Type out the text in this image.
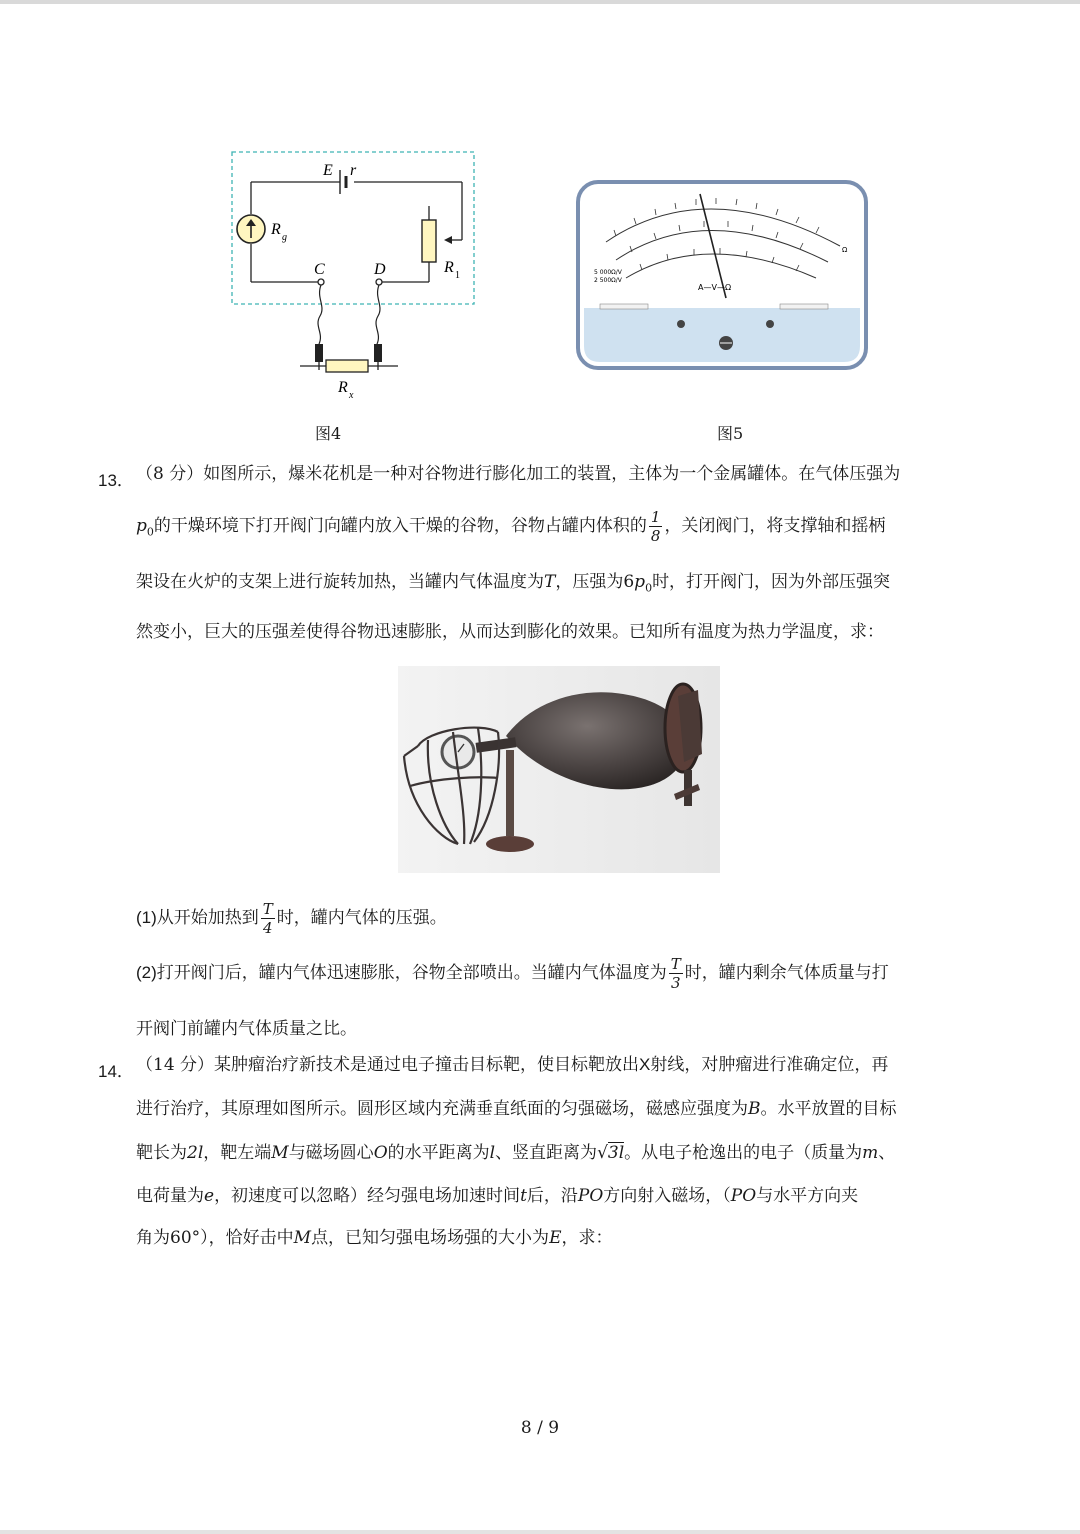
E r
R g
C	R 1
D
R x
图4
5 000Ω/V
2 500Ω/V
A—V—Ω
Ω
图5
13． （8 分）如图所示，爆米花机是一种对谷物进行膨化加工的装置，主体为一个金属罐体。在气体压强为
$p_0$的干燥环境下打开阀门向罐内放入干燥的谷物，谷物占罐内体积的 $\frac{1}{8}$ ，关闭阀门，将支撑轴和摇柄
架设在火炉的支架上进行旋转加热，当罐内气体温度为T，压强为$6p_0$时，打开阀门，因为外部压强突
然变小，巨大的压强差使得谷物迅速膨胀，从而达到膨化的效果。已知所有温度为热力学温度，求：
(1)从开始加热到 $\frac{T}{4}$ 时，罐内气体的压强。
(2)打开阀门后，罐内气体迅速膨胀，谷物全部喷出。当罐内气体温度为 $\frac{T}{3}$ 时，罐内剩余气体质量与打
开阀门前罐内气体质量之比。
14． （14 分）某肿瘤治疗新技术是通过电子撞击目标靶，使目标靶放出X射线，对肿瘤进行准确定位，再
进行治疗，其原理如图所示。圆形区域内充满垂直纸面的匀强磁场，磁感应强度为B。水平放置的目标
靶长为2l，靶左端M与磁场圆心O的水平距离为l、竖直距离为√3l。从电子枪逸出的电子（质量为m、
电荷量为e，初速度可以忽略）经匀强电场加速时间t后，沿PO方向射入磁场，（PO与水平方向夹
角为60°），恰好击中M点，已知匀强电场场强的大小为E，求：
8 / 9
